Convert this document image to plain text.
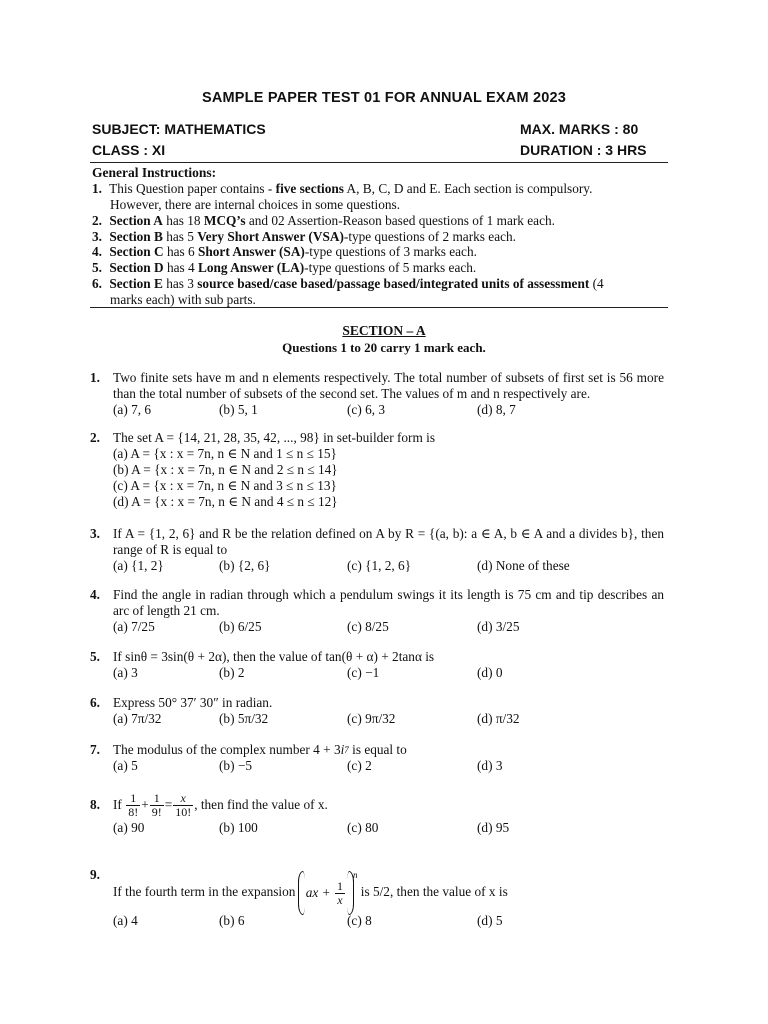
SAMPLE PAPER TEST 01 FOR ANNUAL EXAM 2023
SUBJECT: MATHEMATICS	MAX. MARKS : 80
CLASS : XI	DURATION : 3 HRS
General Instructions:
1. This Question paper contains - five sections A, B, C, D and E. Each section is compulsory.
However, there are internal choices in some questions.
2. Section A has 18 MCQ’s and 02 Assertion-Reason based questions of 1 mark each.
3. Section B has 5 Very Short Answer (VSA)-type questions of 2 marks each.
4. Section C has 6 Short Answer (SA)-type questions of 3 marks each.
5. Section D has 4 Long Answer (LA)-type questions of 5 marks each.
6. Section E has 3 source based/case based/passage based/integrated units of assessment (4
marks each) with sub parts.
SECTION – A
Questions 1 to 20 carry 1 mark each.
1. Two finite sets have m and n elements respectively. The total number of subsets of first set is 56 more than the total number of subsets of the second set. The values of m and n respectively are.
(a) 7, 6	(b) 5, 1	(c) 6, 3	(d) 8, 7
2. The set A = {14, 21, 28, 35, 42, ..., 98} in set-builder form is
(a) A = {x : x = 7n, n ∈ N and 1 ≤ n ≤ 15}
(b) A = {x : x = 7n, n ∈ N and 2 ≤ n ≤ 14}
(c) A = {x : x = 7n, n ∈ N and 3 ≤ n ≤ 13}
(d) A = {x : x = 7n, n ∈ N and 4 ≤ n ≤ 12}
3. If A = {1, 2, 6} and R be the relation defined on A by R = {(a, b): a ∈ A, b ∈ A and a divides b}, then range of R is equal to
(a) {1, 2}	(b) {2, 6}	(c) {1, 2, 6}	(d) None of these
4. Find the angle in radian through which a pendulum swings it its length is 75 cm and tip describes an arc of length 21 cm.
(a) 7/25	(b) 6/25	(c) 8/25	(d) 3/25
5. If sinθ = 3sin(θ + 2α), then the value of tan(θ + α) + 2tanα is
(a) 3	(b) 2	(c) −1	(d) 0
6. Express 50° 37′ 30″ in radian.
(a) 7π/32	(b) 5π/32	(c) 9π/32	(d) π/32
7. The modulus of the complex number $4 + 3i^7$ is equal to
(a) 5	(b) −5	(c) 2	(d) 3
8. If $\frac{1}{8!} + \frac{1}{9!} = \frac{x}{10!}$ , then find the value of x.
(a) 90	(b) 100	(c) 80	(d) 95
9.
If the fourth term in the expansion ax + $\frac{1}{x}$
$^n$ is 5/2, then the value of x is
(a) 4	(b) 6	(c) 8	(d) 5
